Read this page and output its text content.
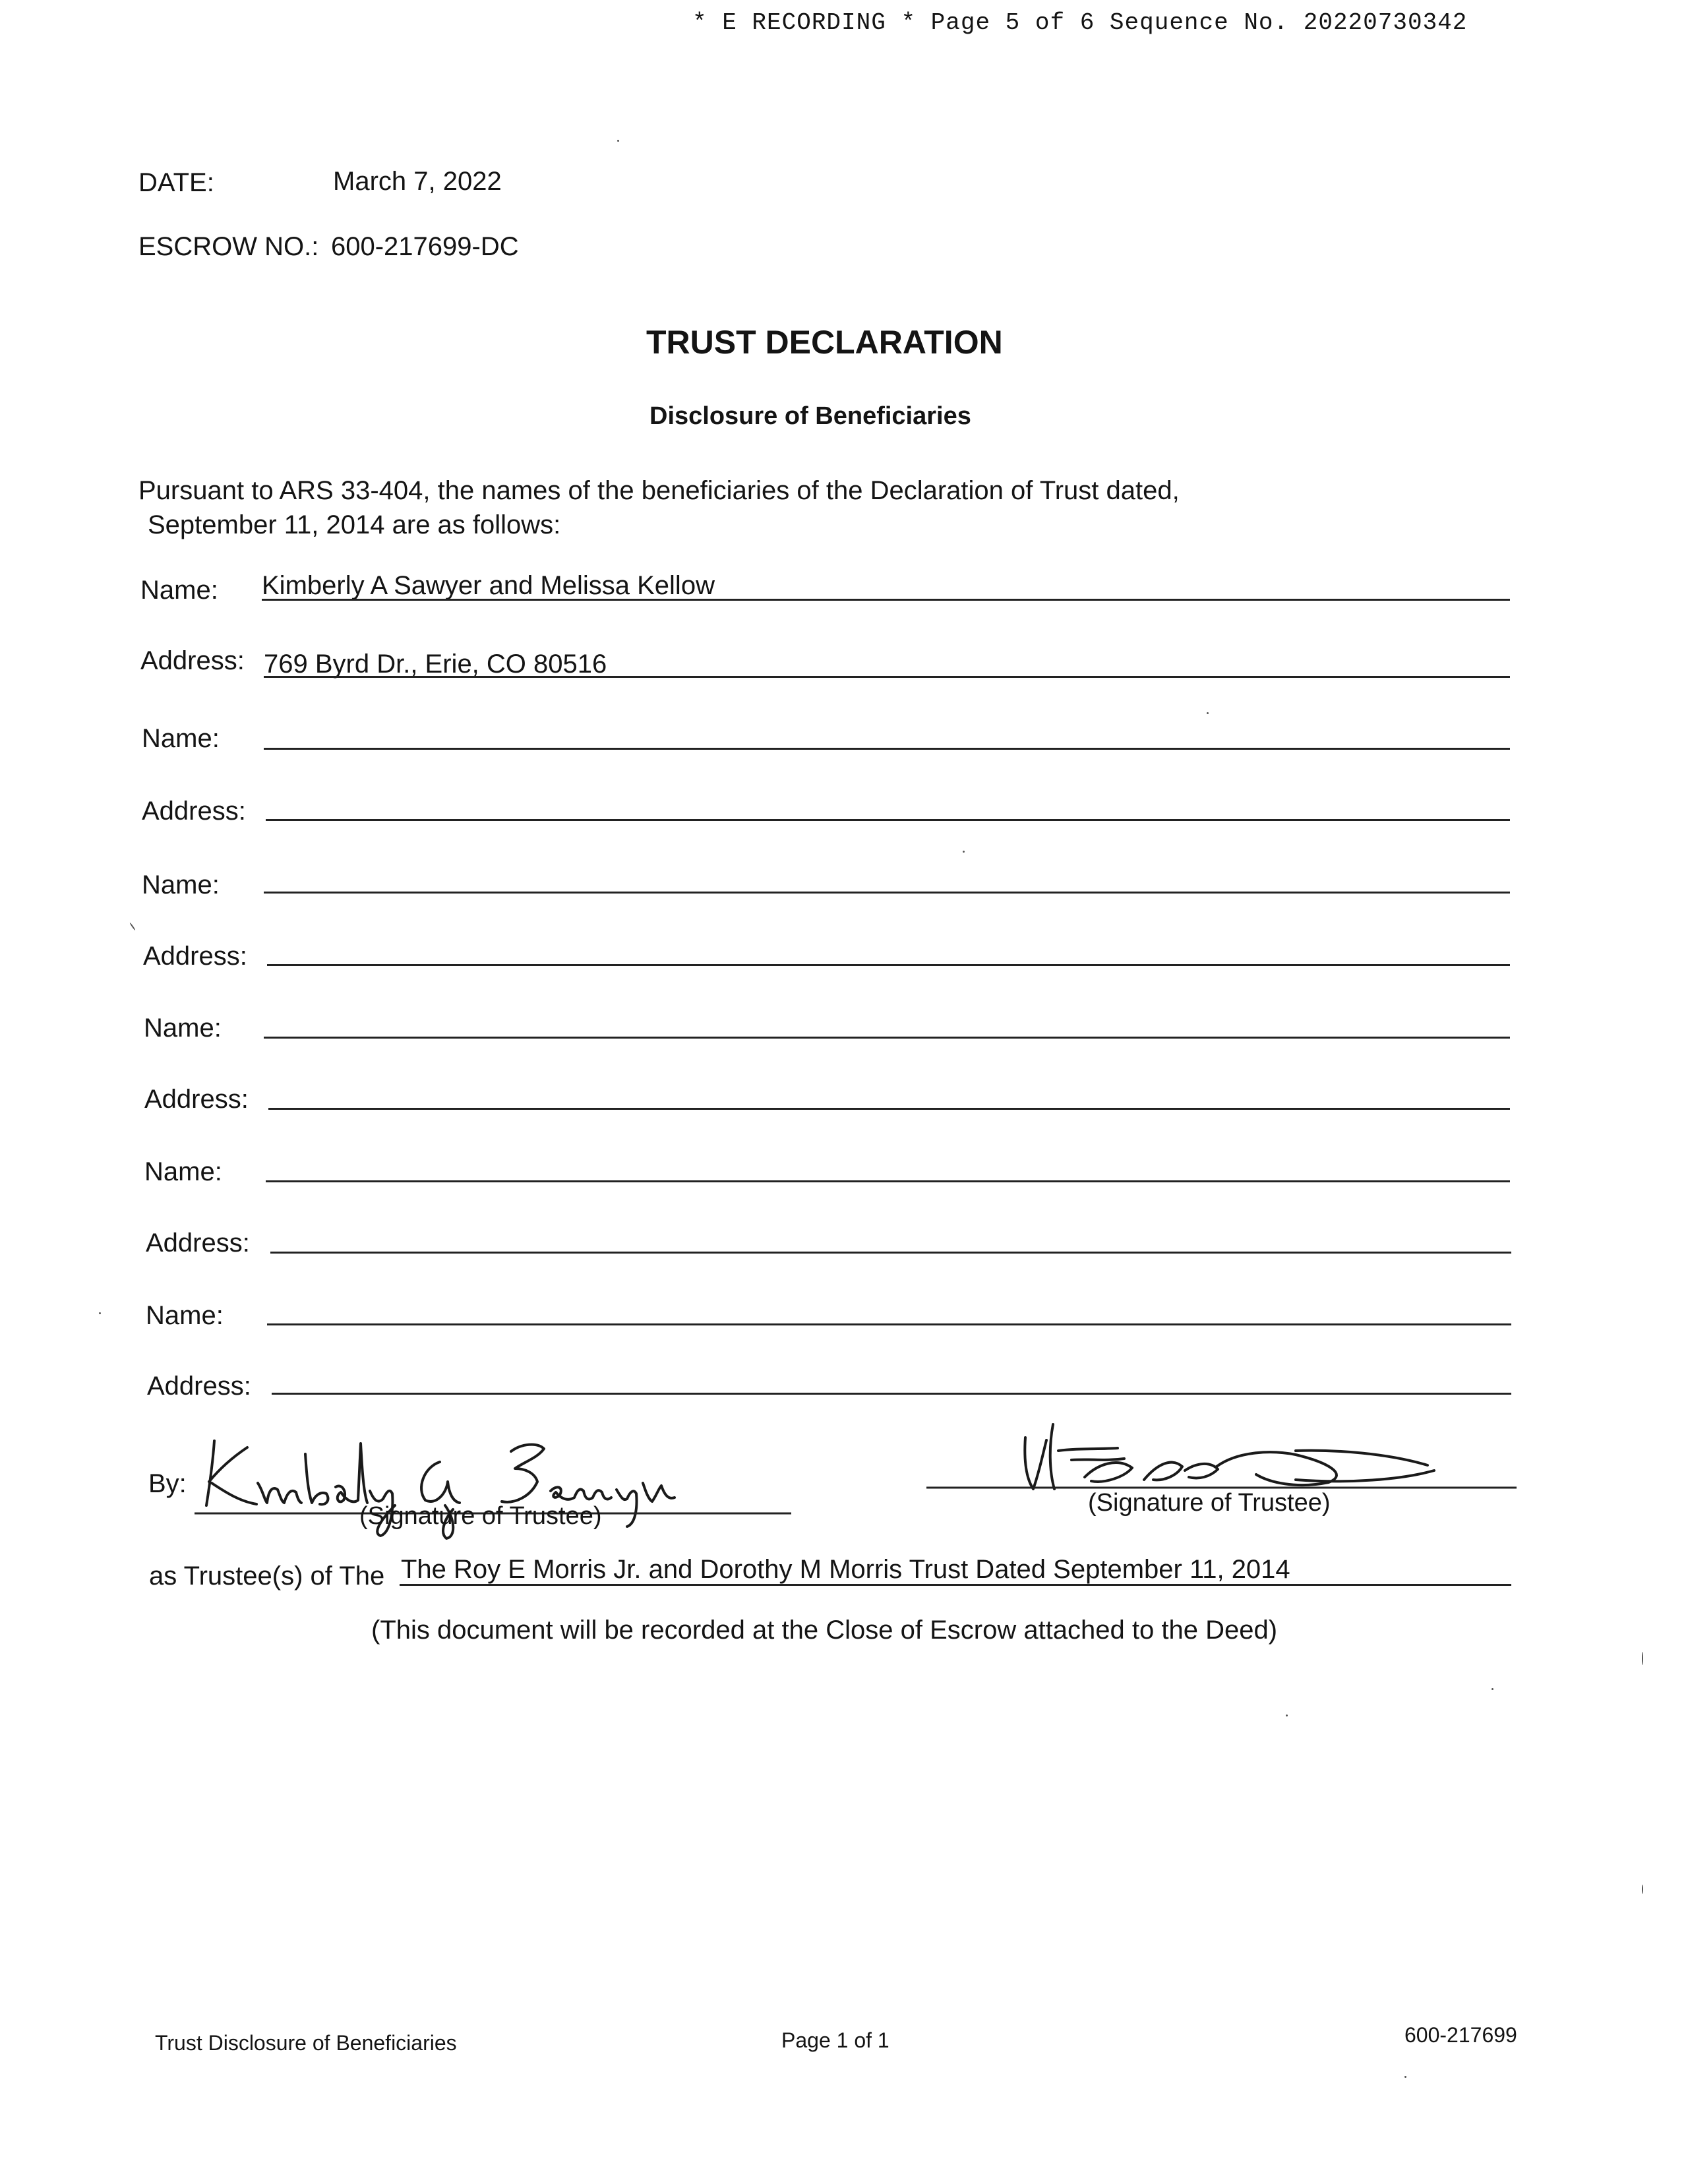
* E RECORDING * Page 5 of 6 Sequence No. 20220730342
DATE:	March 7, 2022
ESCROW NO.: 600-217699-DC
TRUST DECLARATION
Disclosure of Beneficiaries
Pursuant to ARS 33-404, the names of the beneficiaries of the Declaration of Trust dated,
September 11, 2014 are as follows:
Name: Kimberly A Sawyer and Melissa Kellow
Address: 769 Byrd Dr., Erie, CO 80516
Name:
Address:
Name:
Address:
Name:
Address:
Name:
Address:
Name:
Address:
By:
(Signature of Trustee)	(Signature of Trustee)
as Trustee(s) of The The Roy E Morris Jr. and Dorothy M Morris Trust Dated September 11, 2014
(This document will be recorded at the Close of Escrow attached to the Deed)
Trust Disclosure of Beneficiaries	Page 1 of 1	600-217699
